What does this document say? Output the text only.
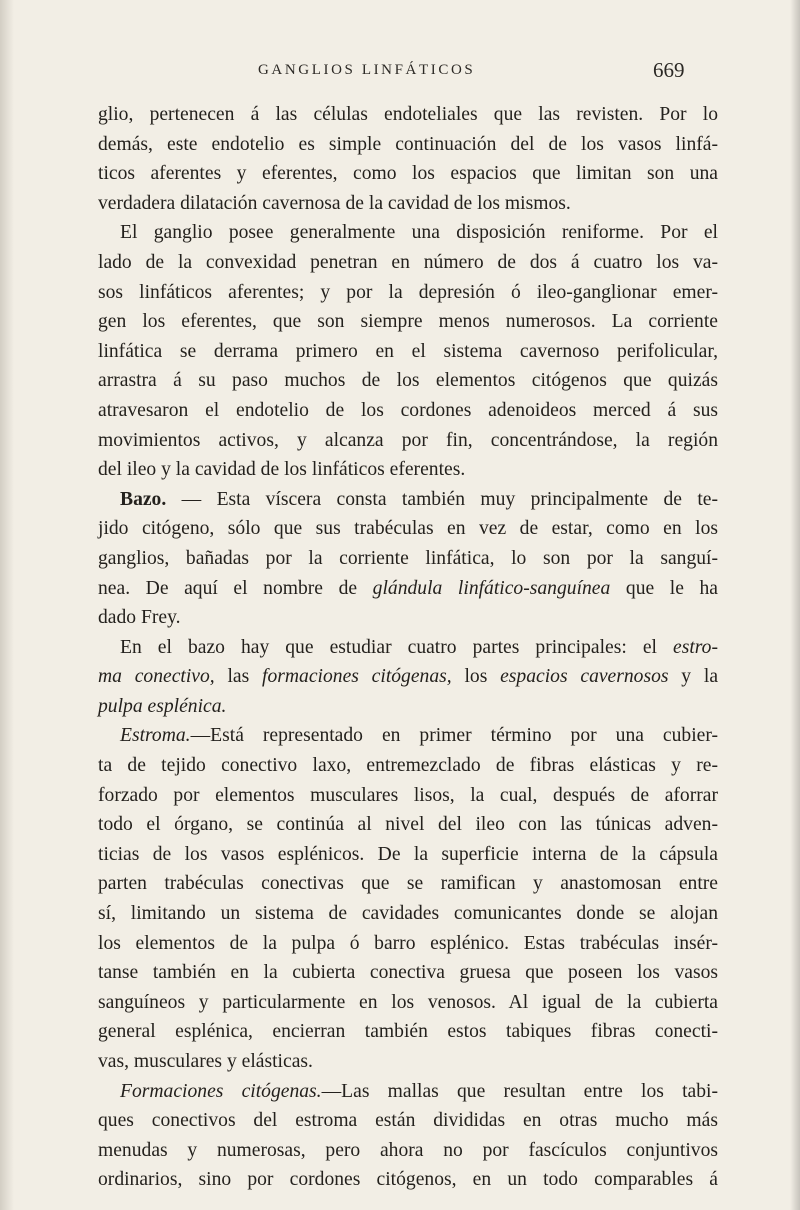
GANGLIOS LINFÁTICOS	669
glio, pertenecen á las células endoteliales que las revisten. Por lo
demás, este endotelio es simple continuación del de los vasos linfá-
ticos aferentes y eferentes, como los espacios que limitan son una
verdadera dilatación cavernosa de la cavidad de los mismos.
El ganglio posee generalmente una disposición reniforme. Por el
lado de la convexidad penetran en número de dos á cuatro los va-
sos linfáticos aferentes; y por la depresión ó ileo-ganglionar emer-
gen los eferentes, que son siempre menos numerosos. La corriente
linfática se derrama primero en el sistema cavernoso perifolicular,
arrastra á su paso muchos de los elementos citógenos que quizás
atravesaron el endotelio de los cordones adenoideos merced á sus
movimientos activos, y alcanza por fin, concentrándose, la región
del ileo y la cavidad de los linfáticos eferentes.
Bazo. — Esta víscera consta también muy principalmente de te-
jido citógeno, sólo que sus trabéculas en vez de estar, como en los
ganglios, bañadas por la corriente linfática, lo son por la sanguí-
nea. De aquí el nombre de glándula linfático-sanguínea que le ha
dado Frey.
En el bazo hay que estudiar cuatro partes principales: el estro-
ma conectivo, las formaciones citógenas, los espacios cavernosos y la
pulpa esplénica.
Estroma.—Está representado en primer término por una cubier-
ta de tejido conectivo laxo, entremezclado de fibras elásticas y re-
forzado por elementos musculares lisos, la cual, después de aforrar
todo el órgano, se continúa al nivel del ileo con las túnicas adven-
ticias de los vasos esplénicos. De la superficie interna de la cápsula
parten trabéculas conectivas que se ramifican y anastomosan entre
sí, limitando un sistema de cavidades comunicantes donde se alojan
los elementos de la pulpa ó barro esplénico. Estas trabéculas insér-
tanse también en la cubierta conectiva gruesa que poseen los vasos
sanguíneos y particularmente en los venosos. Al igual de la cubierta
general esplénica, encierran también estos tabiques fibras conecti-
vas, musculares y elásticas.
Formaciones citógenas.—Las mallas que resultan entre los tabi-
ques conectivos del estroma están divididas en otras mucho más
menudas y numerosas, pero ahora no por fascículos conjuntivos
ordinarios, sino por cordones citógenos, en un todo comparables á
